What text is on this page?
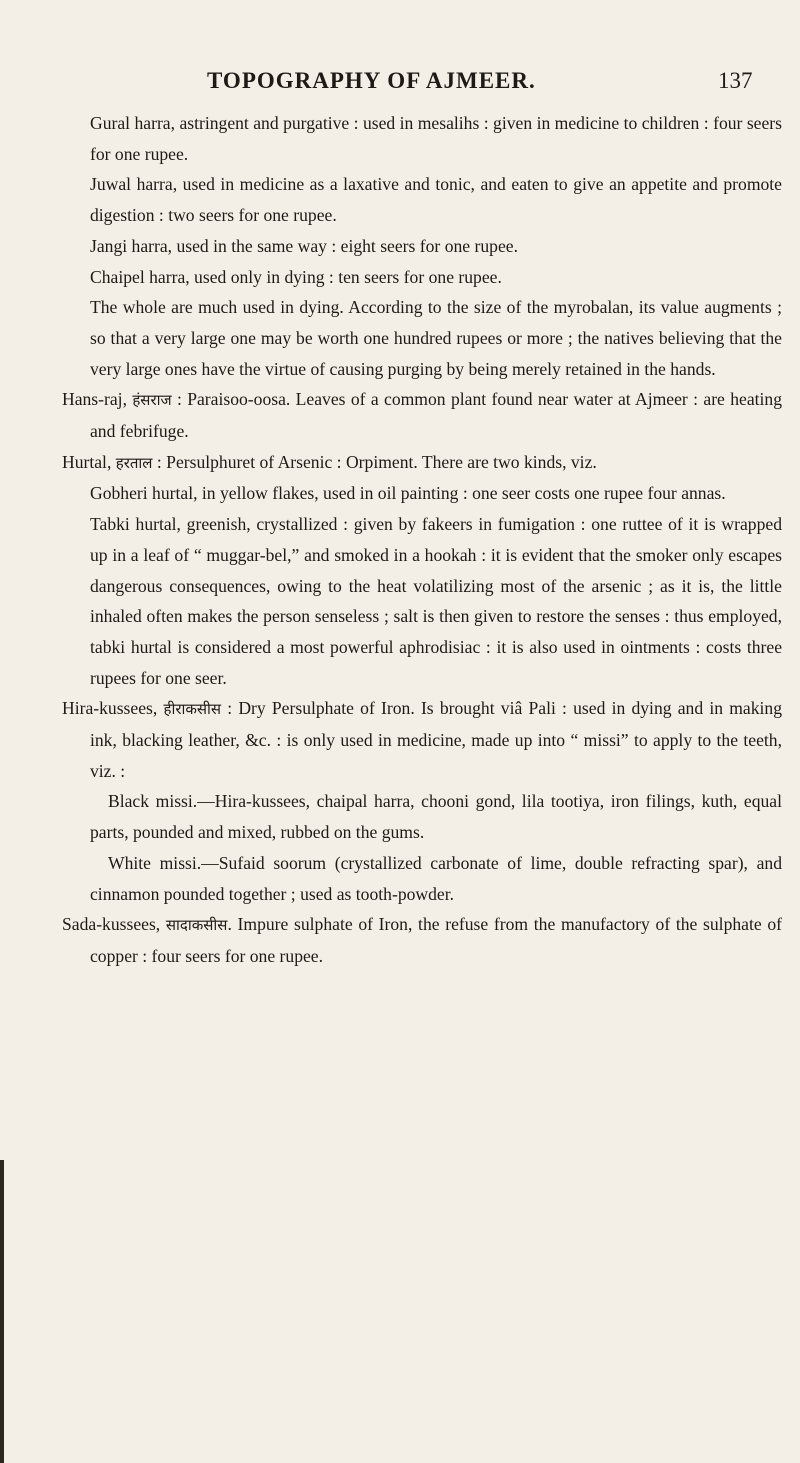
TOPOGRAPHY OF AJMEER.	137

Gural harra, astringent and purgative : used in mesalihs : given in medicine to children : four seers for one rupee.

Juwal harra, used in medicine as a laxative and tonic, and eaten to give an appetite and promote digestion : two seers for one rupee.

Jangi harra, used in the same way : eight seers for one rupee.

Chaipel harra, used only in dying : ten seers for one rupee.

The whole are much used in dying. According to the size of the myrobalan, its value augments ; so that a very large one may be worth one hundred rupees or more ; the natives believing that the very large ones have the virtue of causing purging by being merely retained in the hands.

Hans-raj, हंसराज : Paraisoo-oosa. Leaves of a common plant found near water at Ajmeer : are heating and febrifuge.

Hurtal, हरताल : Persulphuret of Arsenic : Orpiment. There are two kinds, viz.

Gobheri hurtal, in yellow flakes, used in oil painting : one seer costs one rupee four annas.

Tabki hurtal, greenish, crystallized : given by fakeers in fumigation : one ruttee of it is wrapped up in a leaf of “ muggar-bel,” and smoked in a hookah : it is evident that the smoker only escapes dangerous consequences, owing to the heat volatilizing most of the arsenic ; as it is, the little inhaled often makes the person senseless ; salt is then given to restore the senses : thus employed, tabki hurtal is considered a most powerful aphrodisiac : it is also used in ointments : costs three rupees for one seer.

Hira-kussees, हीराकसीस : Dry Persulphate of Iron. Is brought viâ Pali : used in dying and in making ink, blacking leather, &c. : is only used in medicine, made up into “ missi” to apply to the teeth, viz. :

Black missi.—Hira-kussees, chaipal harra, chooni gond, lila tootiya, iron filings, kuth, equal parts, pounded and mixed, rubbed on the gums.

White missi.—Sufaid soorum (crystallized carbonate of lime, double refracting spar), and cinnamon pounded together ; used as tooth-powder.

Sada-kussees, सादाकसीस. Impure sulphate of Iron, the refuse from the manufactory of the sulphate of copper : four seers for one rupee.
